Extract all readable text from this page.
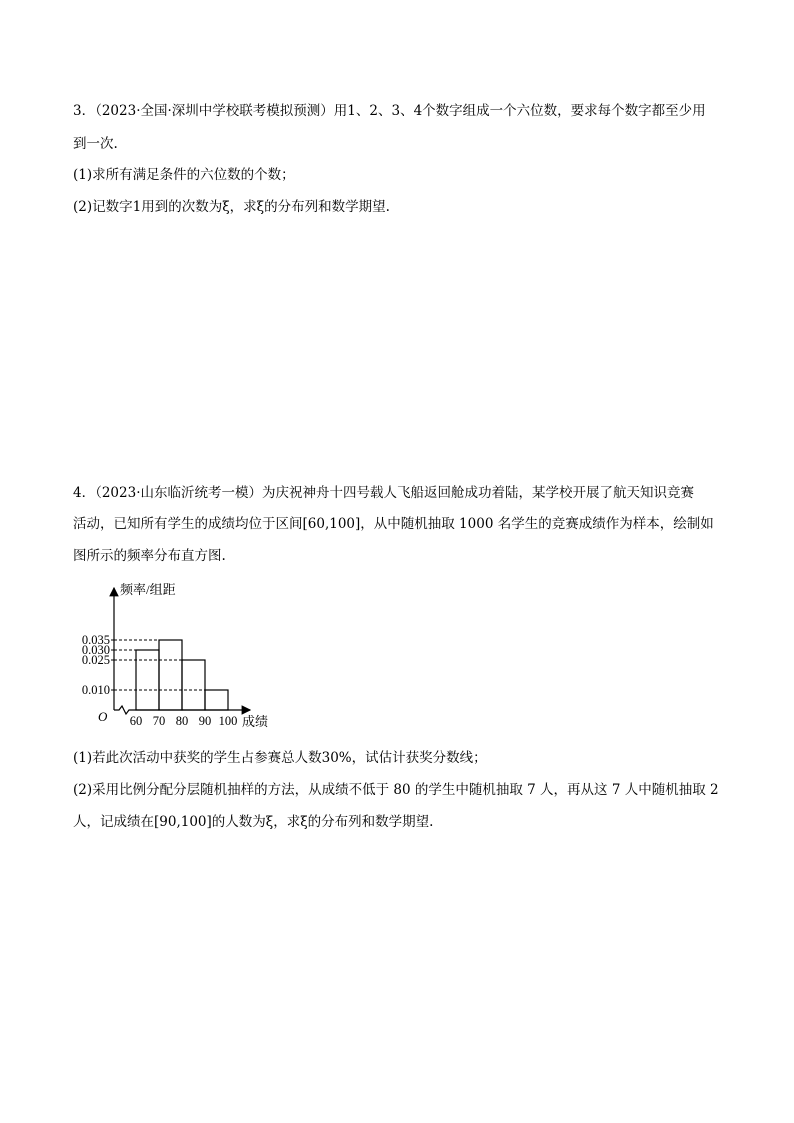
3．（2023·全国·深圳中学校联考模拟预测）用1、2、3、4个数字组成一个六位数，要求每个数字都至少用
到一次.
(1)求所有满足条件的六位数的个数；
(2)记数字1用到的次数为ξ，求ξ的分布列和数学期望.
4．（2023·山东临沂统考一模）为庆祝神舟十四号载人飞船返回舱成功着陆，某学校开展了航天知识竞赛
活动，已知所有学生的成绩均位于区间[60,100]，从中随机抽取 1000 名学生的竞赛成绩作为样本，绘制如
图所示的频率分布直方图.
频率/组距
成绩
O 60 70 80 90 100
0.010
0.025
0.030
0.035
(1)若此次活动中获奖的学生占参赛总人数30%，试估计获奖分数线；
(2)采用比例分配分层随机抽样的方法，从成绩不低于 80 的学生中随机抽取 7 人，再从这 7 人中随机抽取 2
人，记成绩在[90,100]的人数为ξ，求ξ的分布列和数学期望.
